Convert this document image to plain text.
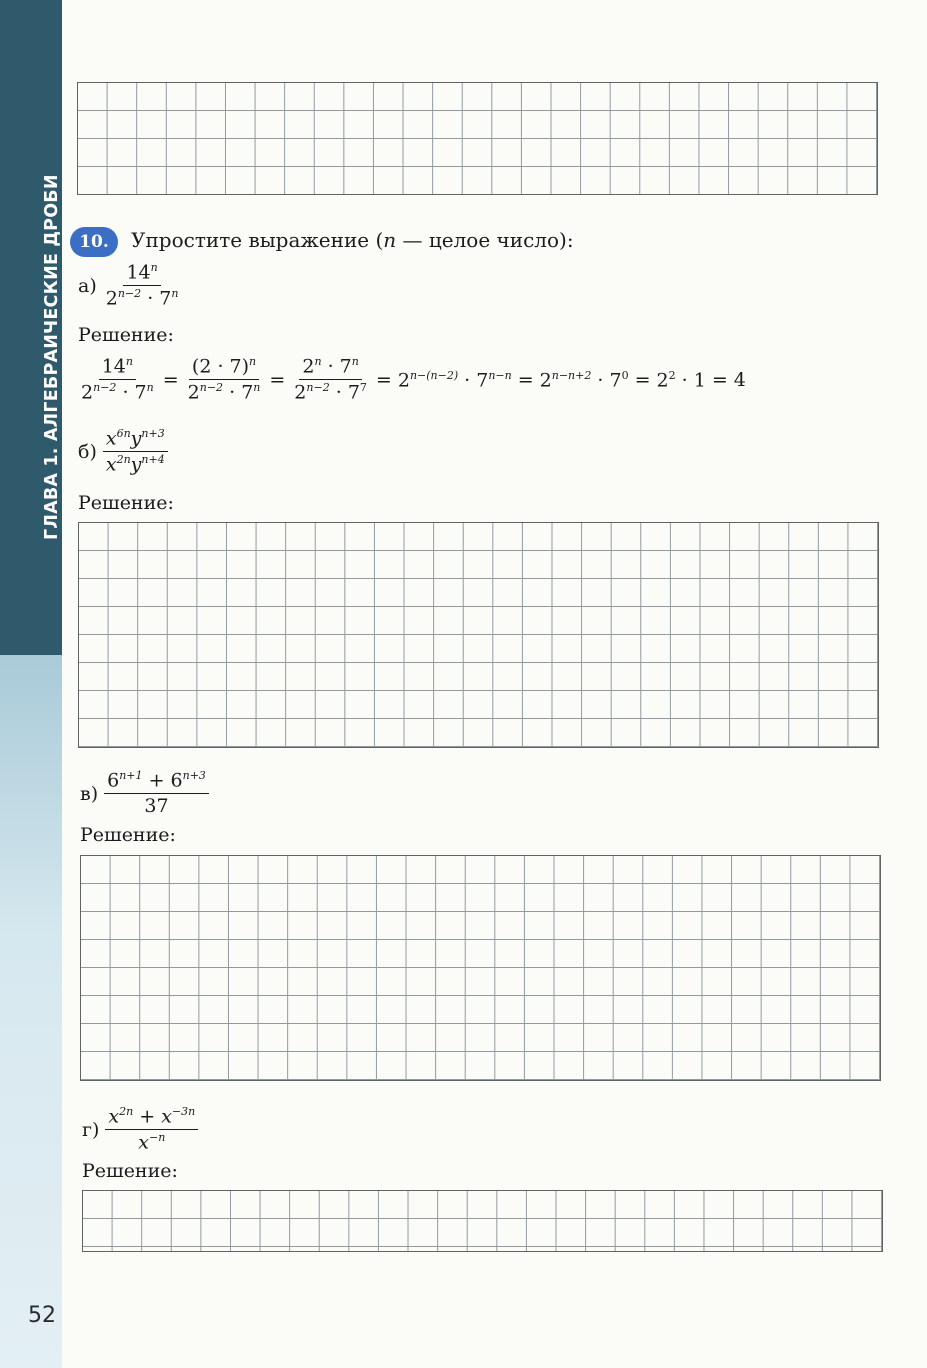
ГЛАВА 1. АЛГЕБРАИЧЕСКИЕ ДРОБИ
52
10.	Упростите выражение (n — целое число):
$а) \frac{14^n}{2^{n-2} \cdot 7^n}$
Решение:
$\frac{14^n}{2^{n-2} \cdot 7^n} = \frac{(2 \cdot 7)^n}{2^{n-2} \cdot 7^n} = \frac{2^n \cdot 7^n}{2^{n-2} \cdot 7^7} = 2^{n-(n-2)} \cdot 7^{n-n} = 2^{n-n+2} \cdot 7^0 = 2^2 \cdot 1 = 4$
$б) \frac{x^{6n}y^{n+3}}{x^{2n}y^{n+4}}$
Решение:
$в) \frac{6^{n+1} + 6^{n+3}}{37}$
Решение:
$г) \frac{x^{2n} + x^{-3n}}{x^{-n}}$
Решение:
